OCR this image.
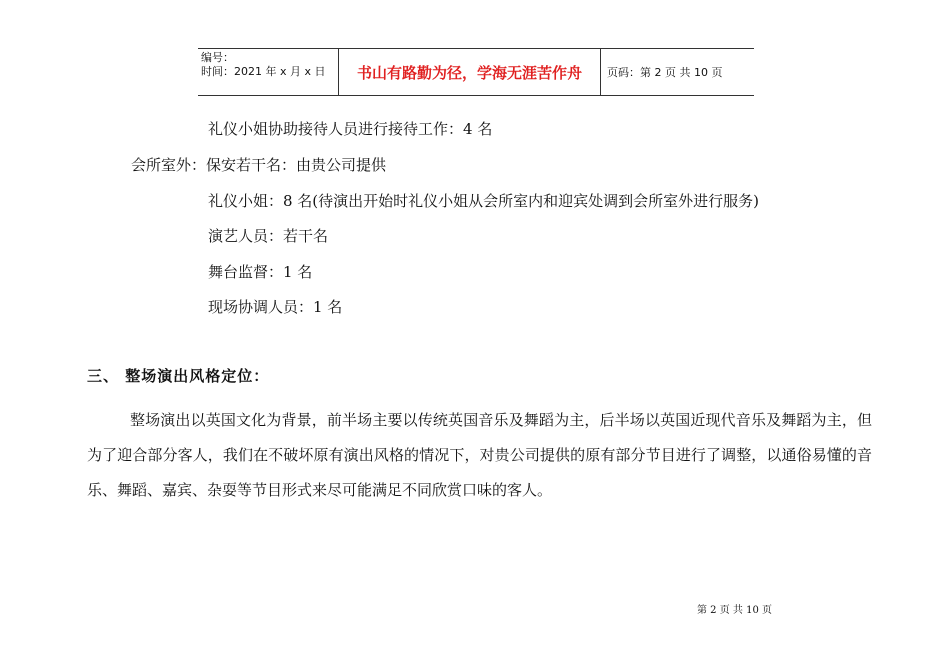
编号：
时间：2021 年 x 月 x 日	书山有路勤为径，学海无涯苦作舟	页码：第 2 页 共 10 页
礼仪小姐协助接待人员进行接待工作：4 名
会所室外：保安若干名：由贵公司提供
礼仪小姐：8 名(待演出开始时礼仪小姐从会所室内和迎宾处调到会所室外进行服务)
演艺人员：若干名
舞台监督：1 名
现场协调人员：1 名
三、 整场演出风格定位：

整场演出以英国文化为背景，前半场主要以传统英国音乐及舞蹈为主，后半场以英国近现代音乐及舞蹈为主，但为了迎合部分客人，我们在不破坏原有演出风格的情况下，对贵公司提供的原有部分节目进行了调整，以通俗易懂的音乐、舞蹈、嘉宾、杂耍等节目形式来尽可能满足不同欣赏口味的客人。

第 2 页 共 10 页
